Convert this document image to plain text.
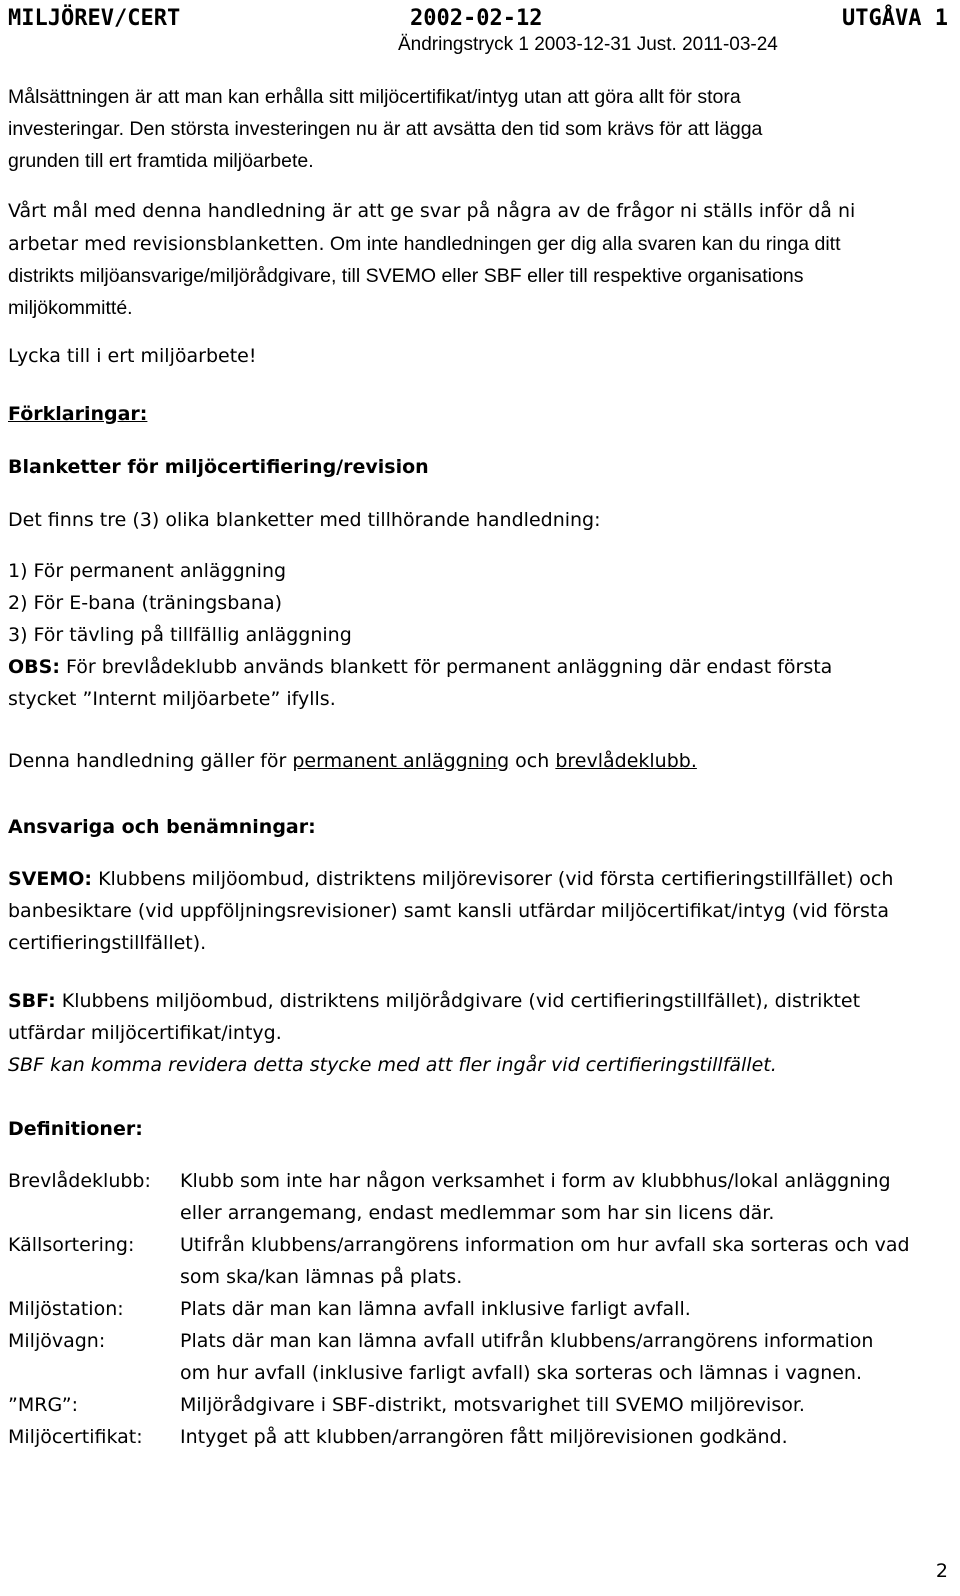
MILJÖREV/CERT	2002-02-12	UTGÅVA 1
Ändringstryck 1 2003-12-31 Just. 2011-03-24
Målsättningen är att man kan erhålla sitt miljöcertifikat/intyg utan att göra allt för stora
investeringar. Den största investeringen nu är att avsätta den tid som krävs för att lägga
grunden till ert framtida miljöarbete.
Vårt mål med denna handledning är att ge svar på några av de frågor ni ställs inför då ni
arbetar med revisionsblanketten. Om inte handledningen ger dig alla svaren kan du ringa ditt
distrikts miljöansvarige/miljörådgivare, till SVEMO eller SBF eller till respektive organisations
miljökommitté.
Lycka till i ert miljöarbete!
Förklaringar:
Blanketter för miljöcertifiering/revision
Det finns tre (3) olika blanketter med tillhörande handledning:
1) För permanent anläggning
2) För E-bana (träningsbana)
3) För tävling på tillfällig anläggning
OBS: För brevlådeklubb används blankett för permanent anläggning där endast första
stycket ”Internt miljöarbete” ifylls.
Denna handledning gäller för permanent anläggning och brevlådeklubb.
Ansvariga och benämningar:
SVEMO: Klubbens miljöombud, distriktens miljörevisorer (vid första certifieringstillfället) och
banbesiktare (vid uppföljningsrevisioner) samt kansli utfärdar miljöcertifikat/intyg (vid första
certifieringstillfället).
SBF: Klubbens miljöombud, distriktens miljörådgivare (vid certifieringstillfället), distriktet
utfärdar miljöcertifikat/intyg.
SBF kan komma revidera detta stycke med att fler ingår vid certifieringstillfället.
Definitioner:
Brevlådeklubb: Klubb som inte har någon verksamhet i form av klubbhus/lokal anläggning
eller arrangemang, endast medlemmar som har sin licens där.
Källsortering: Utifrån klubbens/arrangörens information om hur avfall ska sorteras och vad
som ska/kan lämnas på plats.
Miljöstation:	Plats där man kan lämna avfall inklusive farligt avfall.
Miljövagn:	Plats där man kan lämna avfall utifrån klubbens/arrangörens information
om hur avfall (inklusive farligt avfall) ska sorteras och lämnas i vagnen.
”MRG”:	Miljörådgivare i SBF-distrikt, motsvarighet till SVEMO miljörevisor.
Miljöcertifikat: Intyget på att klubben/arrangören fått miljörevisionen godkänd.
2
